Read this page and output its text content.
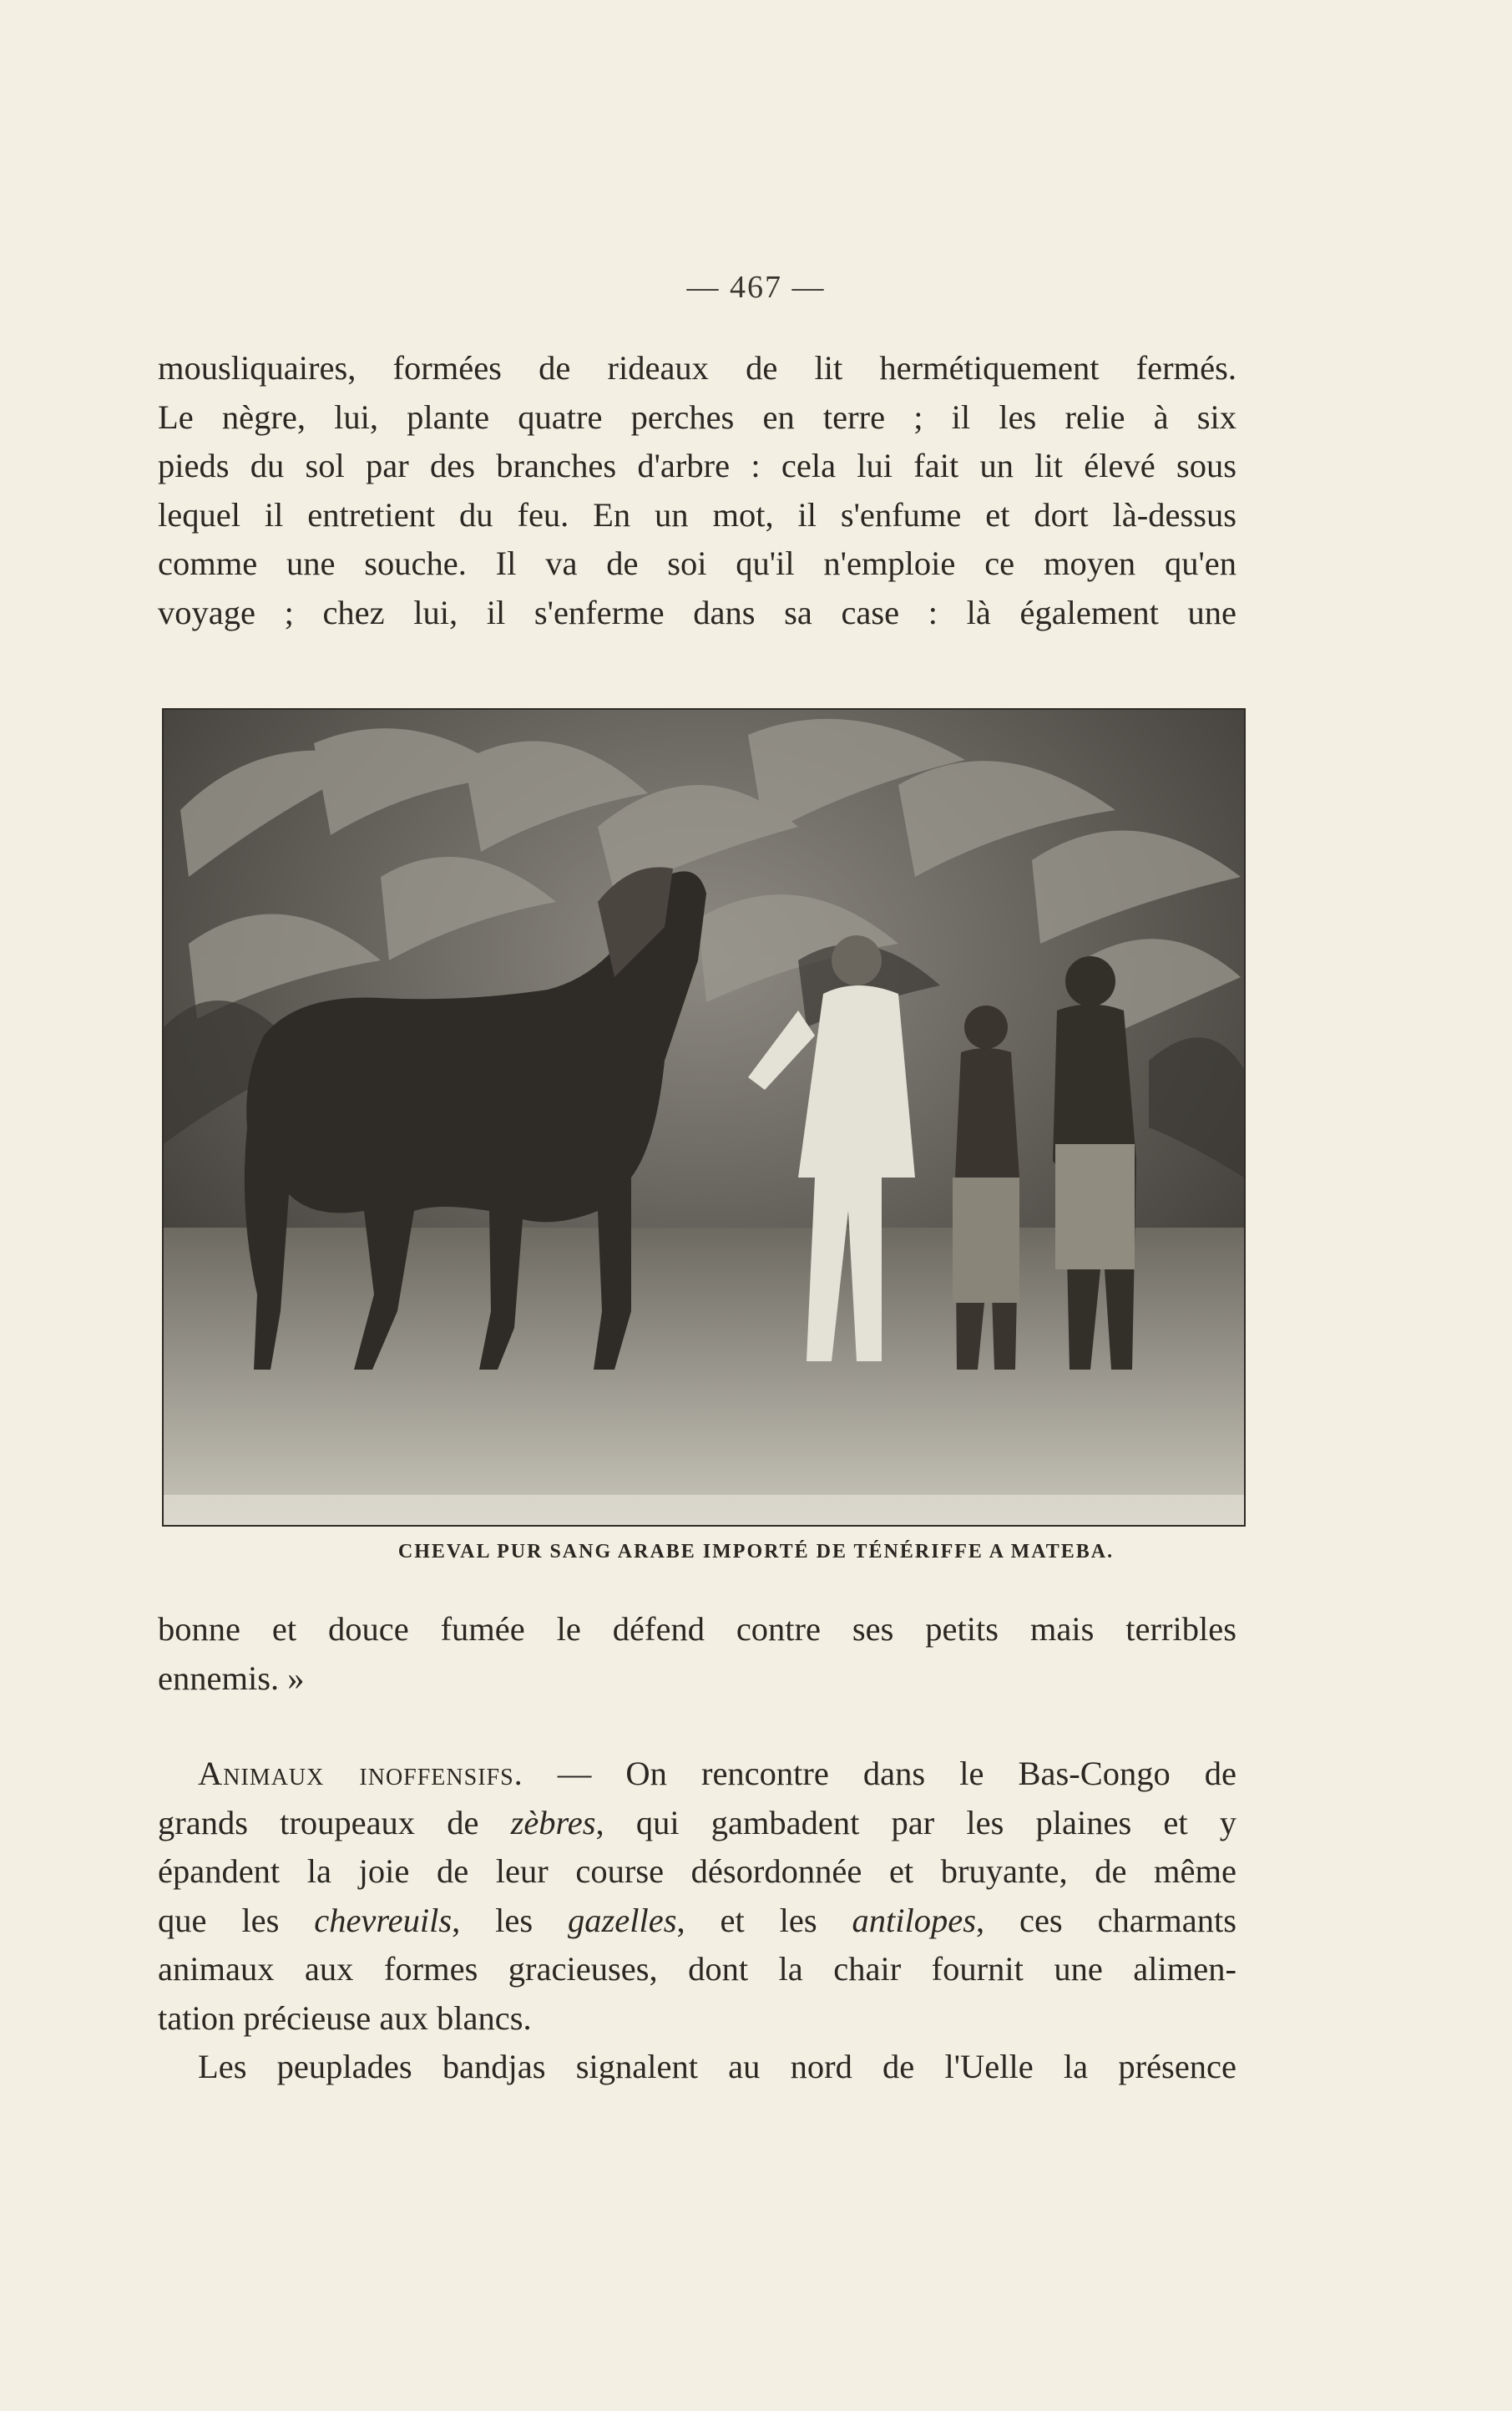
— 467 —
mousliquaires, formées de rideaux de lit hermétiquement fermés.
Le nègre, lui, plante quatre perches en terre ; il les relie à six
pieds du sol par des branches d'arbre : cela lui fait un lit élevé sous
lequel il entretient du feu. En un mot, il s'enfume et dort là-dessus
comme une souche. Il va de soi qu'il n'emploie ce moyen qu'en
voyage ; chez lui, il s'enferme dans sa case : là également une
CHEVAL PUR SANG ARABE IMPORTÉ DE TÉNÉRIFFE A MATEBA.
bonne et douce fumée le défend contre ses petits mais terribles
ennemis. »
Animaux inoffensifs. — On rencontre dans le Bas-Congo de
grands troupeaux de zèbres, qui gambadent par les plaines et y
épandent la joie de leur course désordonnée et bruyante, de même
que les chevreuils, les gazelles, et les antilopes, ces charmants
animaux aux formes gracieuses, dont la chair fournit une alimen-
tation précieuse aux blancs.
Les peuplades bandjas signalent au nord de l'Uelle la présence
